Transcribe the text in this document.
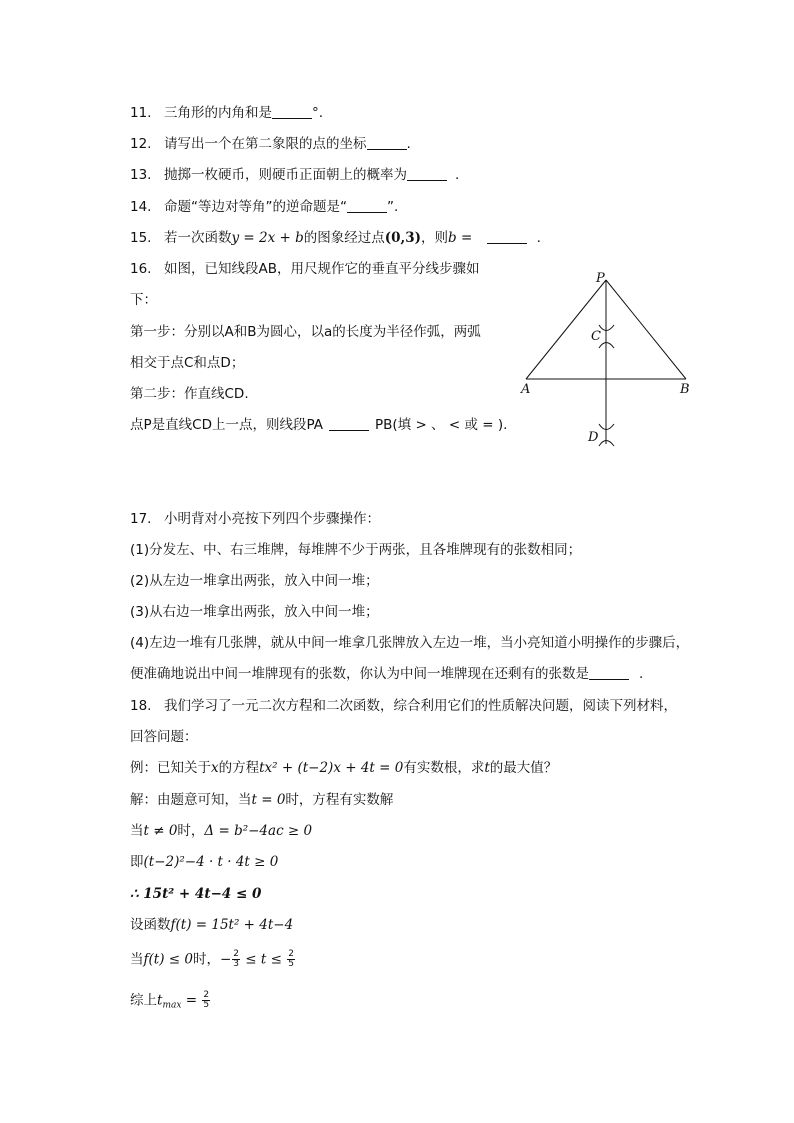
11. 三角形的内角和是	°.
12. 请写出一个在第二象限的点的坐标	.
13. 抛掷一枚硬币，则硬币正面朝上的概率为	.
14. 命题“等边对等角”的逆命题是“	”.
15. 若一次函数y = 2x + b的图象经过点(0,3)，则b =	.
16. 如图，已知线段AB，用尺规作它的垂直平分线步骤如
下：
第一步：分别以A和B为圆心，以a的长度为半径作弧，两弧
相交于点C和点D；
第二步：作直线CD.
点P是直线CD上一点，则线段PA	PB(填 > 、 < 或 = ).
P
A	B
C
D
17. 小明背对小亮按下列四个步骤操作：
(1)分发左、中、右三堆牌，每堆牌不少于两张，且各堆牌现有的张数相同；
(2)从左边一堆拿出两张，放入中间一堆；
(3)从右边一堆拿出两张，放入中间一堆；
(4)左边一堆有几张牌，就从中间一堆拿几张牌放入左边一堆，当小亮知道小明操作的步骤后，
便准确地说出中间一堆牌现有的张数，你认为中间一堆牌现在还剩有的张数是	.
18. 我们学习了一元二次方程和二次函数，综合利用它们的性质解决问题，阅读下列材料，
回答问题：
例：已知关于x的方程tx² + (t−2)x + 4t = 0有实数根，求t的最大值？
解：由题意可知，当t = 0时，方程有实数解
当t ≠ 0时，Δ = b²−4ac ≥ 0
即(t−2)²−4 · t · 4t ≥ 0
∴ 15t² + 4t−4 ≤ 0
设函数f(t) = 15t² + 4t−4
当f(t) ≤ 0时，− $\frac{2}{3} \le t \le \frac{2}{5}$
综上$t_{max} = \frac{2}{5}$
